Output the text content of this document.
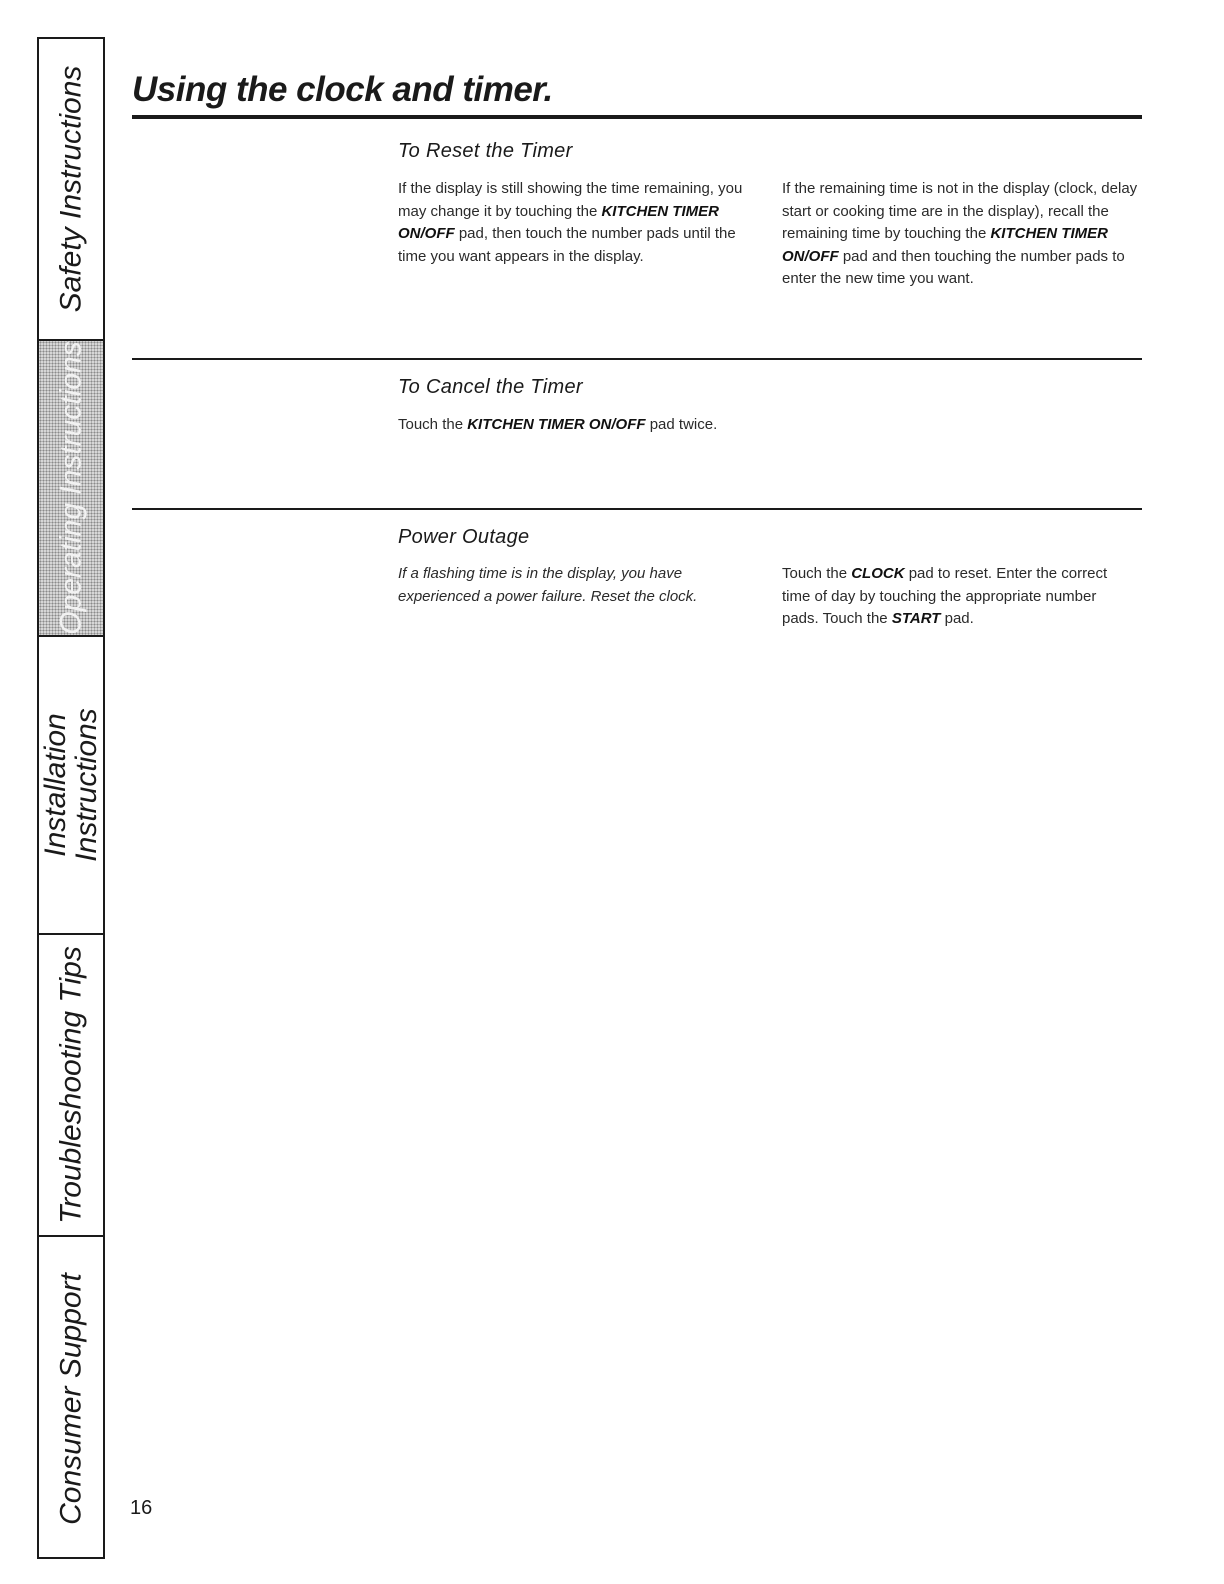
Safety Instructions
Operating Instructions
Installation
Instructions
Troubleshooting Tips
Consumer Support
Using the clock and timer.
To Reset the Timer

If the display is still showing the time remaining, you may change it by touching the KITCHEN TIMER ON/OFF pad, then touch the number pads until the time you want appears in the display.

If the remaining time is not in the display (clock, delay start or cooking time are in the display), recall the remaining time by touching the KITCHEN TIMER ON/OFF pad and then touching the number pads to enter the new time you want.

To Cancel the Timer

Touch the KITCHEN TIMER ON/OFF pad twice.

Power Outage

If a flashing time is in the display, you have experienced a power failure. Reset the clock.

Touch the CLOCK pad to reset. Enter the correct time of day by touching the appropriate number pads. Touch the START pad.

16
